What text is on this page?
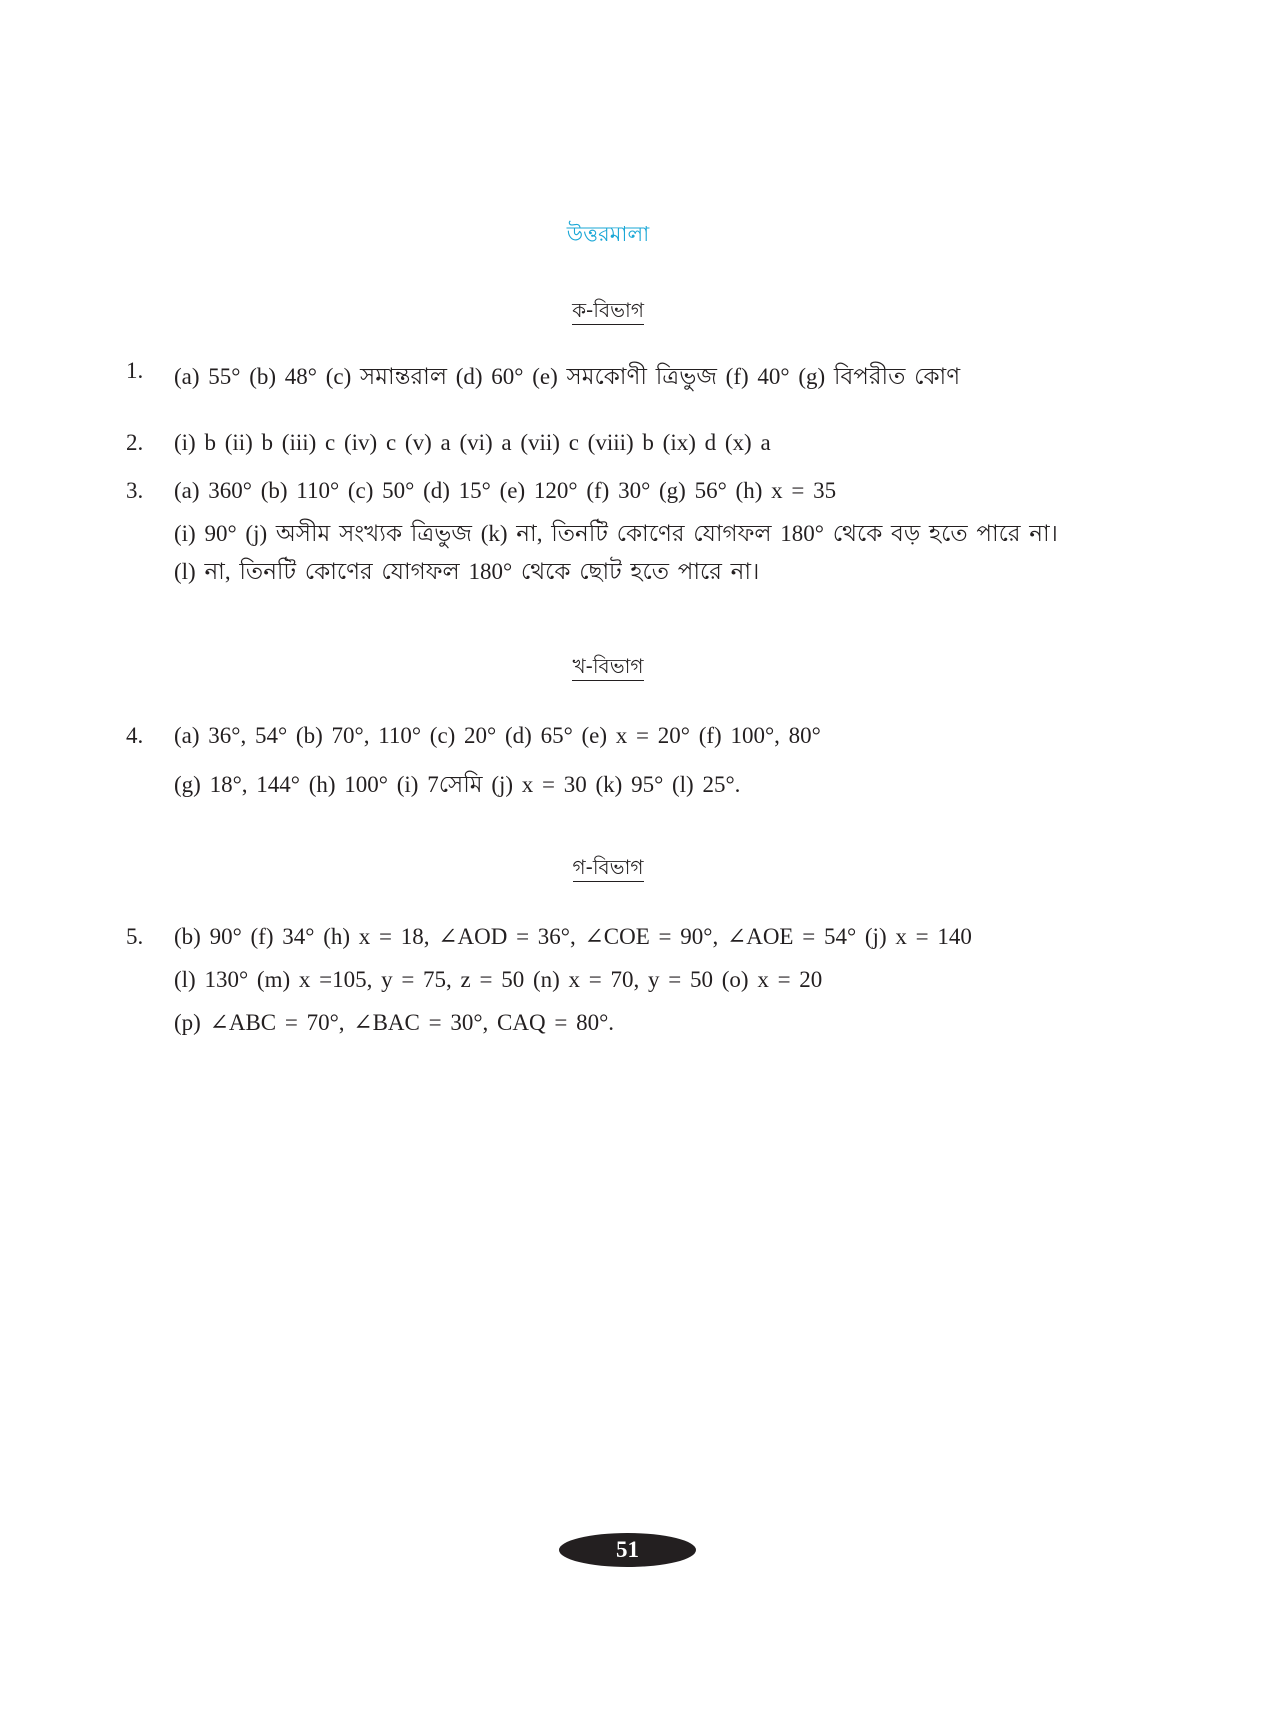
উত্তরমালা
ক-বিভাগ
1. (a) 55° (b) 48° (c) সমান্তরাল (d) 60° (e) সমকোণী ত্রিভুজ (f) 40° (g) বিপরীত কোণ
2. (i) b (ii) b (iii) c (iv) c (v) a (vi) a (vii) c (viii) b (ix) d (x) a
3. (a) 360° (b) 110° (c) 50° (d) 15° (e) 120° (f) 30° (g) 56° (h) x = 35
(i) 90° (j) অসীম সংখ্যক ত্রিভুজ (k) না, তিনটি কোণের যোগফল 180° থেকে বড় হতে পারে না।
(l) না, তিনটি কোণের যোগফল 180° থেকে ছোট হতে পারে না।
খ-বিভাগ
4. (a) 36°, 54° (b) 70°, 110° (c) 20° (d) 65° (e) x = 20° (f) 100°, 80°
(g) 18°, 144° (h) 100° (i) 7সেমি (j) x = 30 (k) 95° (l) 25°.
গ-বিভাগ
5. (b) 90° (f) 34° (h) x = 18, ∠AOD = 36°, ∠COE = 90°, ∠AOE = 54° (j) x = 140
(l) 130° (m) x =105, y = 75, z = 50 (n) x = 70, y = 50 (o) x = 20
(p) ∠ABC = 70°, ∠BAC = 30°, CAQ = 80°.
51
